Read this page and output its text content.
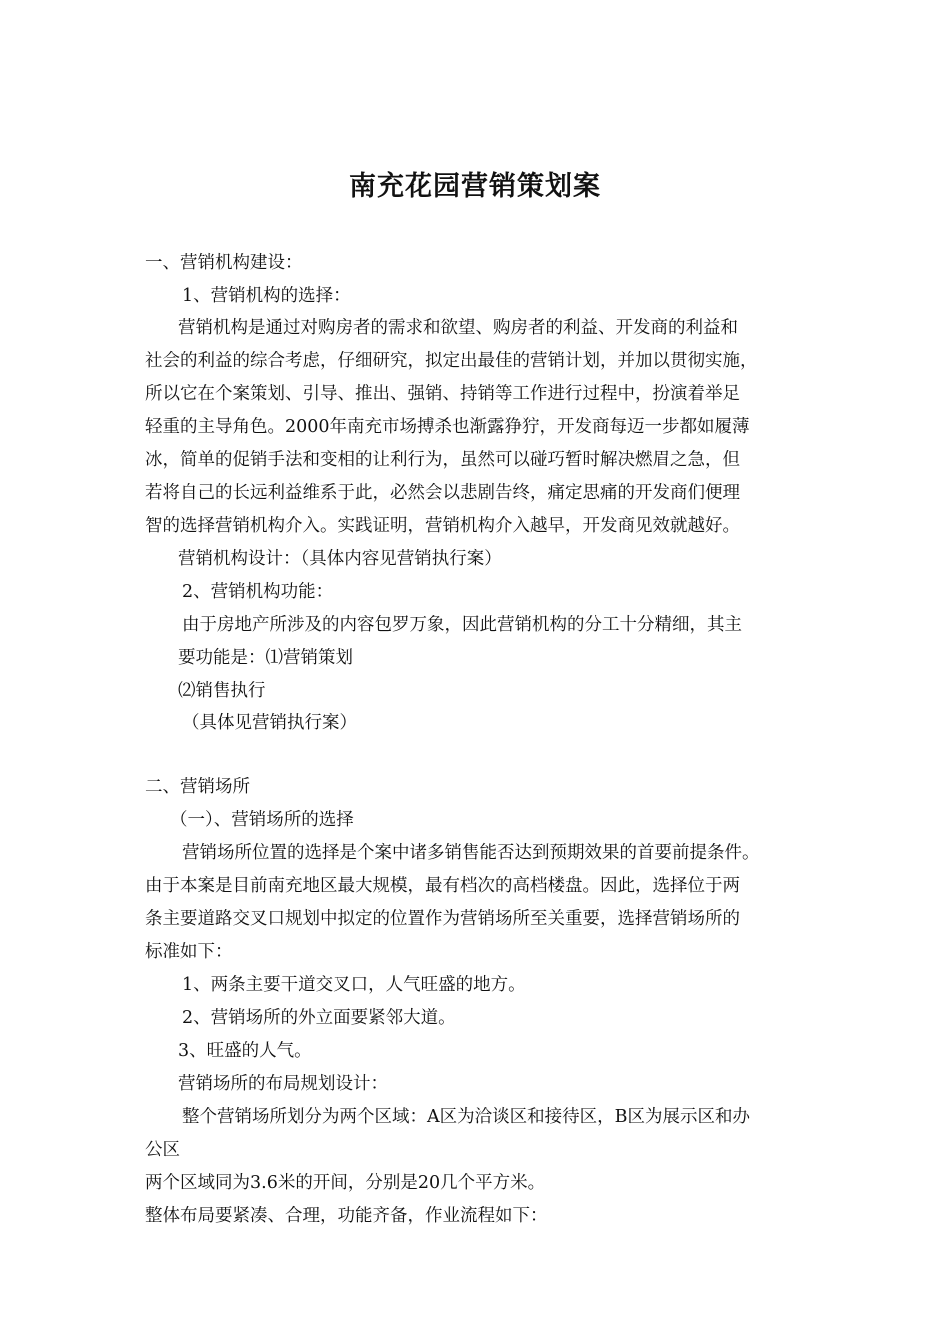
南充花园营销策划案
一、营销机构建设：
1、营销机构的选择：
营销机构是通过对购房者的需求和欲望、购房者的利益、开发商的利益和
社会的利益的综合考虑，仔细研究，拟定出最佳的营销计划，并加以贯彻实施，
所以它在个案策划、引导、推出、强销、持销等工作进行过程中，扮演着举足
轻重的主导角色。2000年南充市场搏杀也渐露狰狞，开发商每迈一步都如履薄
冰，简单的促销手法和变相的让利行为，虽然可以碰巧暂时解决燃眉之急，但
若将自己的长远利益维系于此，必然会以悲剧告终，痛定思痛的开发商们便理
智的选择营销机构介入。实践证明，营销机构介入越早，开发商见效就越好。
营销机构设计：（具体内容见营销执行案）
2、营销机构功能：
由于房地产所涉及的内容包罗万象，因此营销机构的分工十分精细，其主
要功能是：⑴营销策划
⑵销售执行
（具体见营销执行案）
二、营销场所
（一）、营销场所的选择
营销场所位置的选择是个案中诸多销售能否达到预期效果的首要前提条件。
由于本案是目前南充地区最大规模，最有档次的高档楼盘。因此，选择位于两
条主要道路交叉口规划中拟定的位置作为营销场所至关重要，选择营销场所的
标准如下：
1、两条主要干道交叉口，人气旺盛的地方。
2、营销场所的外立面要紧邻大道。
3、旺盛的人气。
营销场所的布局规划设计：
整个营销场所划分为两个区域：A区为洽谈区和接待区，B区为展示区和办
公区
两个区域同为3.6米的开间，分别是20几个平方米。
整体布局要紧凑、合理，功能齐备，作业流程如下：
